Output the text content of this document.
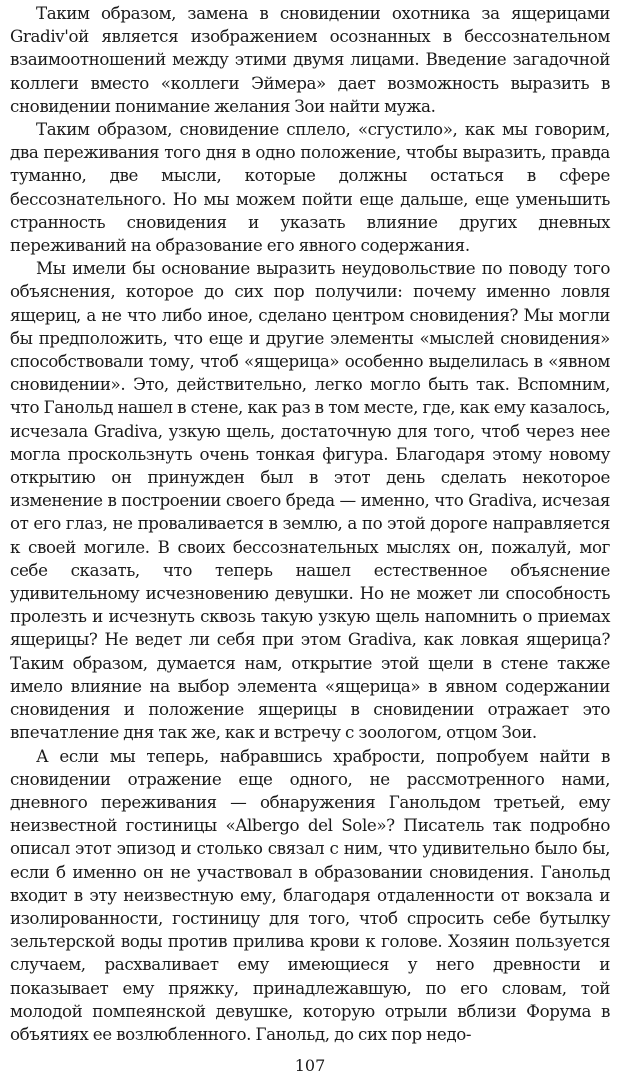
Таким образом, замена в сновидении охотника за ящерицами Gradiv'ой является изображением осознанных в бессознательном взаимоотношений между этими двумя лицами. Введение загадочной коллеги вместо «коллеги Эймера» дает возможность выразить в сновидении понимание желания Зои найти мужа.

Таким образом, сновидение сплело, «сгустило», как мы говорим, два переживания того дня в одно положение, чтобы выразить, правда туманно, две мысли, которые должны остаться в сфере бессознательного. Но мы можем пойти еще дальше, еще уменьшить странность сновидения и указать влияние других дневных переживаний на образование его явного содержания.

Мы имели бы основание выразить неудовольствие по поводу того объяснения, которое до сих пор получили: почему именно ловля ящериц, а не что либо иное, сделано центром сновидения? Мы могли бы предположить, что еще и другие элементы «мыслей сновидения» способствовали тому, чтоб «ящерица» особенно выделилась в «явном сновидении». Это, действительно, легко могло быть так. Вспомним, что Ганольд нашел в стене, как раз в том месте, где, как ему казалось, исчезала Gradiva, узкую щель, достаточную для того, чтоб через нее могла проскользнуть очень тонкая фигура. Благодаря этому новому открытию он принужден был в этот день сделать некоторое изменение в построении своего бреда — именно, что Gradiva, исчезая от его глаз, не проваливается в землю, а по этой дороге направляется к своей могиле. В своих бессознательных мыслях он, пожалуй, мог себе сказать, что теперь нашел естественное объяснение удивительному исчезновению девушки. Но не может ли способность пролезть и исчезнуть сквозь такую узкую щель напомнить о приемах ящерицы? Не ведет ли себя при этом Gradiva, как ловкая ящерица? Таким образом, думается нам, открытие этой щели в стене также имело влияние на выбор элемента «ящерица» в явном содержании сновидения и положение ящерицы в сновидении отражает это впечатление дня так же, как и встречу с зоологом, отцом Зои.

А если мы теперь, набравшись храбрости, попробуем найти в сновидении отражение еще одного, не рассмотренного нами, дневного переживания — обнаружения Ганольдом третьей, ему неизвестной гостиницы «Albergo del Sole»? Писатель так подробно описал этот эпизод и столько связал с ним, что удивительно было бы, если б именно он не участвовал в образовании сновидения. Ганольд входит в эту неизвестную ему, благодаря отдаленности от вокзала и изолированности, гостиницу для того, чтоб спросить себе бутылку зельтерской воды против прилива крови к голове. Хозяин пользуется случаем, расхваливает ему имеющиеся у него древности и показывает ему пряжку, принадлежавшую, по его словам, той молодой помпеянской девушке, которую отрыли вблизи Форума в объятиях ее возлюбленного. Ганольд, до сих пор недо-

107
